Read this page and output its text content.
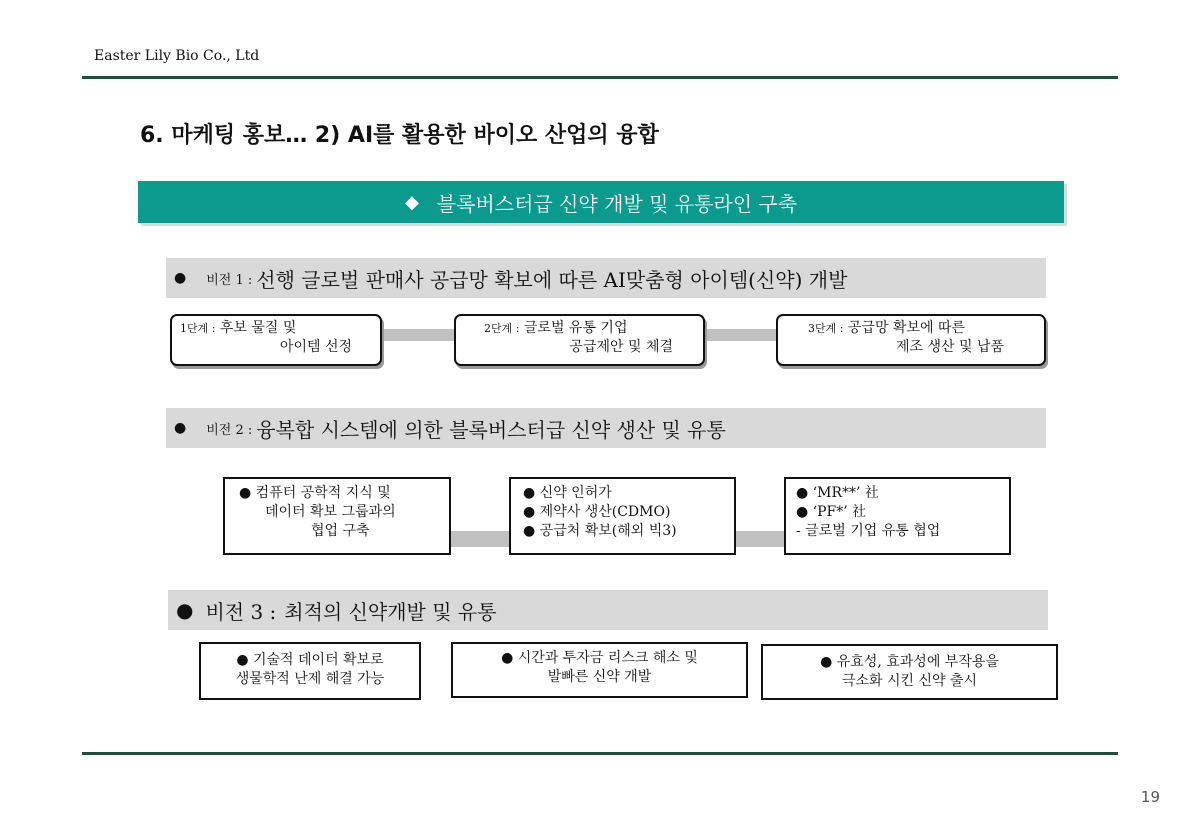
Easter Lily Bio Co., Ltd
6. 마케팅 홍보… 2) AI를 활용한 바이오 산업의 융합
◆ 블록버스터급 신약 개발 및 유통라인 구축
● 비전 1 : 선행 글로벌 판매사 공급망 확보에 따른 AI맞춤형 아이템(신약) 개발
1단계 : 후보 물질 및
아이템 선정
2단계 : 글로벌 유통 기업
공급제안 및 체결
3단계 : 공급망 확보에 따른
제조 생산 및 납품
● 비전 2 : 융복합 시스템에 의한 블록버스터급 신약 생산 및 유통
● 컴퓨터 공학적 지식 및
데이터 확보 그룹과의
협업 구축
● 신약 인허가
● 제약사 생산(CDMO)
● 공급처 확보(해외 빅3)
● ‘MR**’ 社
● ‘PF*’ 社
- 글로벌 기업 유통 협업
● 비전 3 : 최적의 신약개발 및 유통
● 기술적 데이터 확보로
생물학적 난제 해결 가능
● 시간과 투자금 리스크 해소 및
발빠른 신약 개발
● 유효성, 효과성에 부작용을
극소화 시킨 신약 출시
19
